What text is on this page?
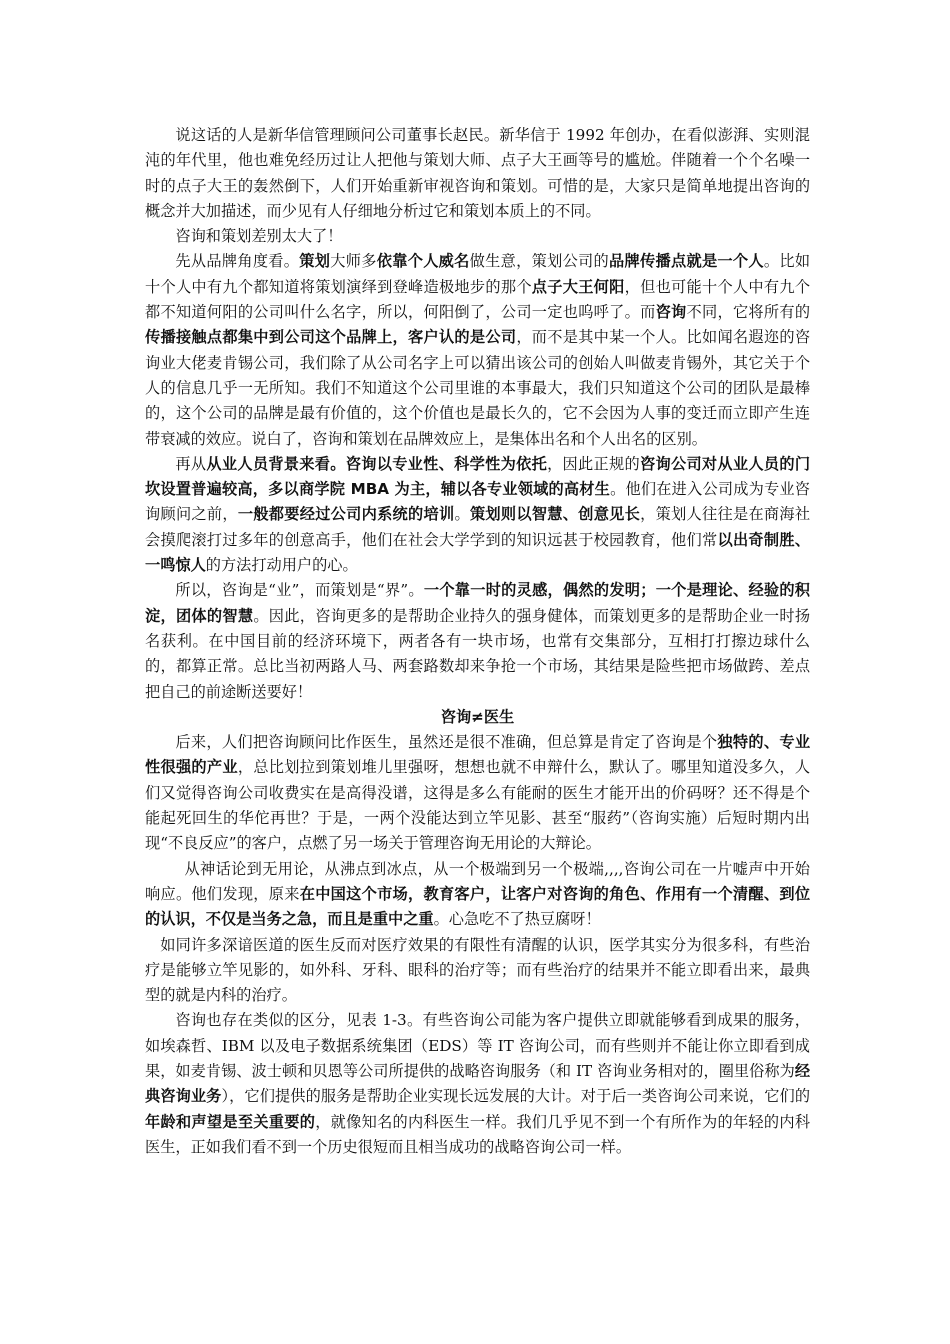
说这话的人是新华信管理顾问公司董事长赵民。新华信于 1992 年创办，在看似澎湃、实则混沌的年代里，他也难免经历过让人把他与策划大师、点子大王画等号的尴尬。伴随着一个个名噪一时的点子大王的轰然倒下，人们开始重新审视咨询和策划。可惜的是，大家只是简单地提出咨询的概念并大加描述，而少见有人仔细地分析过它和策划本质上的不同。

咨询和策划差别太大了！

先从品牌角度看。策划大师多依靠个人威名做生意，策划公司的品牌传播点就是一个人。比如十个人中有九个都知道将策划演绎到登峰造极地步的那个点子大王何阳，但也可能十个人中有九个都不知道何阳的公司叫什么名字，所以，何阳倒了，公司一定也呜呼了。而咨询不同，它将所有的传播接触点都集中到公司这个品牌上，客户认的是公司，而不是其中某一个人。比如闻名遐迩的咨询业大佬麦肯锡公司，我们除了从公司名字上可以猜出该公司的创始人叫做麦肯锡外，其它关于个人的信息几乎一无所知。我们不知道这个公司里谁的本事最大，我们只知道这个公司的团队是最棒的，这个公司的品牌是最有价值的，这个价值也是最长久的，它不会因为人事的变迁而立即产生连带衰减的效应。说白了，咨询和策划在品牌效应上，是集体出名和个人出名的区别。

再从从业人员背景来看。咨询以专业性、科学性为依托，因此正规的咨询公司对从业人员的门坎设置普遍较高，多以商学院 MBA 为主，辅以各专业领域的高材生。他们在进入公司成为专业咨询顾问之前，一般都要经过公司内系统的培训。策划则以智慧、创意见长，策划人往往是在商海社会摸爬滚打过多年的创意高手，他们在社会大学学到的知识远甚于校园教育，他们常以出奇制胜、一鸣惊人的方法打动用户的心。

所以，咨询是“业”，而策划是“界”。一个靠一时的灵感，偶然的发明；一个是理论、经验的积淀，团体的智慧。因此，咨询更多的是帮助企业持久的强身健体，而策划更多的是帮助企业一时扬名获利。在中国目前的经济环境下，两者各有一块市场，也常有交集部分，互相打打擦边球什么的，都算正常。总比当初两路人马、两套路数却来争抢一个市场，其结果是险些把市场做跨、差点把自己的前途断送要好！

咨询≠医生

后来，人们把咨询顾问比作医生，虽然还是很不准确，但总算是肯定了咨询是个独特的、专业性很强的产业，总比划拉到策划堆儿里强呀，想想也就不申辩什么，默认了。哪里知道没多久，人们又觉得咨询公司收费实在是高得没谱，这得是多么有能耐的医生才能开出的价码呀？还不得是个能起死回生的华佗再世？于是，一两个没能达到立竿见影、甚至“服药”（咨询实施）后短时期内出现“不良反应”的客户，点燃了另一场关于管理咨询无用论的大辩论。

从神话论到无用论，从沸点到冰点，从一个极端到另一个极端,,,,咨询公司在一片嘘声中开始响应。他们发现，原来在中国这个市场，教育客户，让客户对咨询的角色、作用有一个清醒、到位的认识，不仅是当务之急，而且是重中之重。心急吃不了热豆腐呀！

如同许多深谙医道的医生反而对医疗效果的有限性有清醒的认识，医学其实分为很多科，有些治疗是能够立竿见影的，如外科、牙科、眼科的治疗等；而有些治疗的结果并不能立即看出来，最典型的就是内科的治疗。

咨询也存在类似的区分，见表 1-3。有些咨询公司能为客户提供立即就能够看到成果的服务，如埃森哲、IBM 以及电子数据系统集团（EDS）等 IT 咨询公司，而有些则并不能让你立即看到成果，如麦肯锡、波士顿和贝恩等公司所提供的战略咨询服务（和 IT 咨询业务相对的，圈里俗称为经典咨询业务），它们提供的服务是帮助企业实现长远发展的大计。对于后一类咨询公司来说，它们的年龄和声望是至关重要的，就像知名的内科医生一样。我们几乎见不到一个有所作为的年轻的内科医生，正如我们看不到一个历史很短而且相当成功的战略咨询公司一样。
